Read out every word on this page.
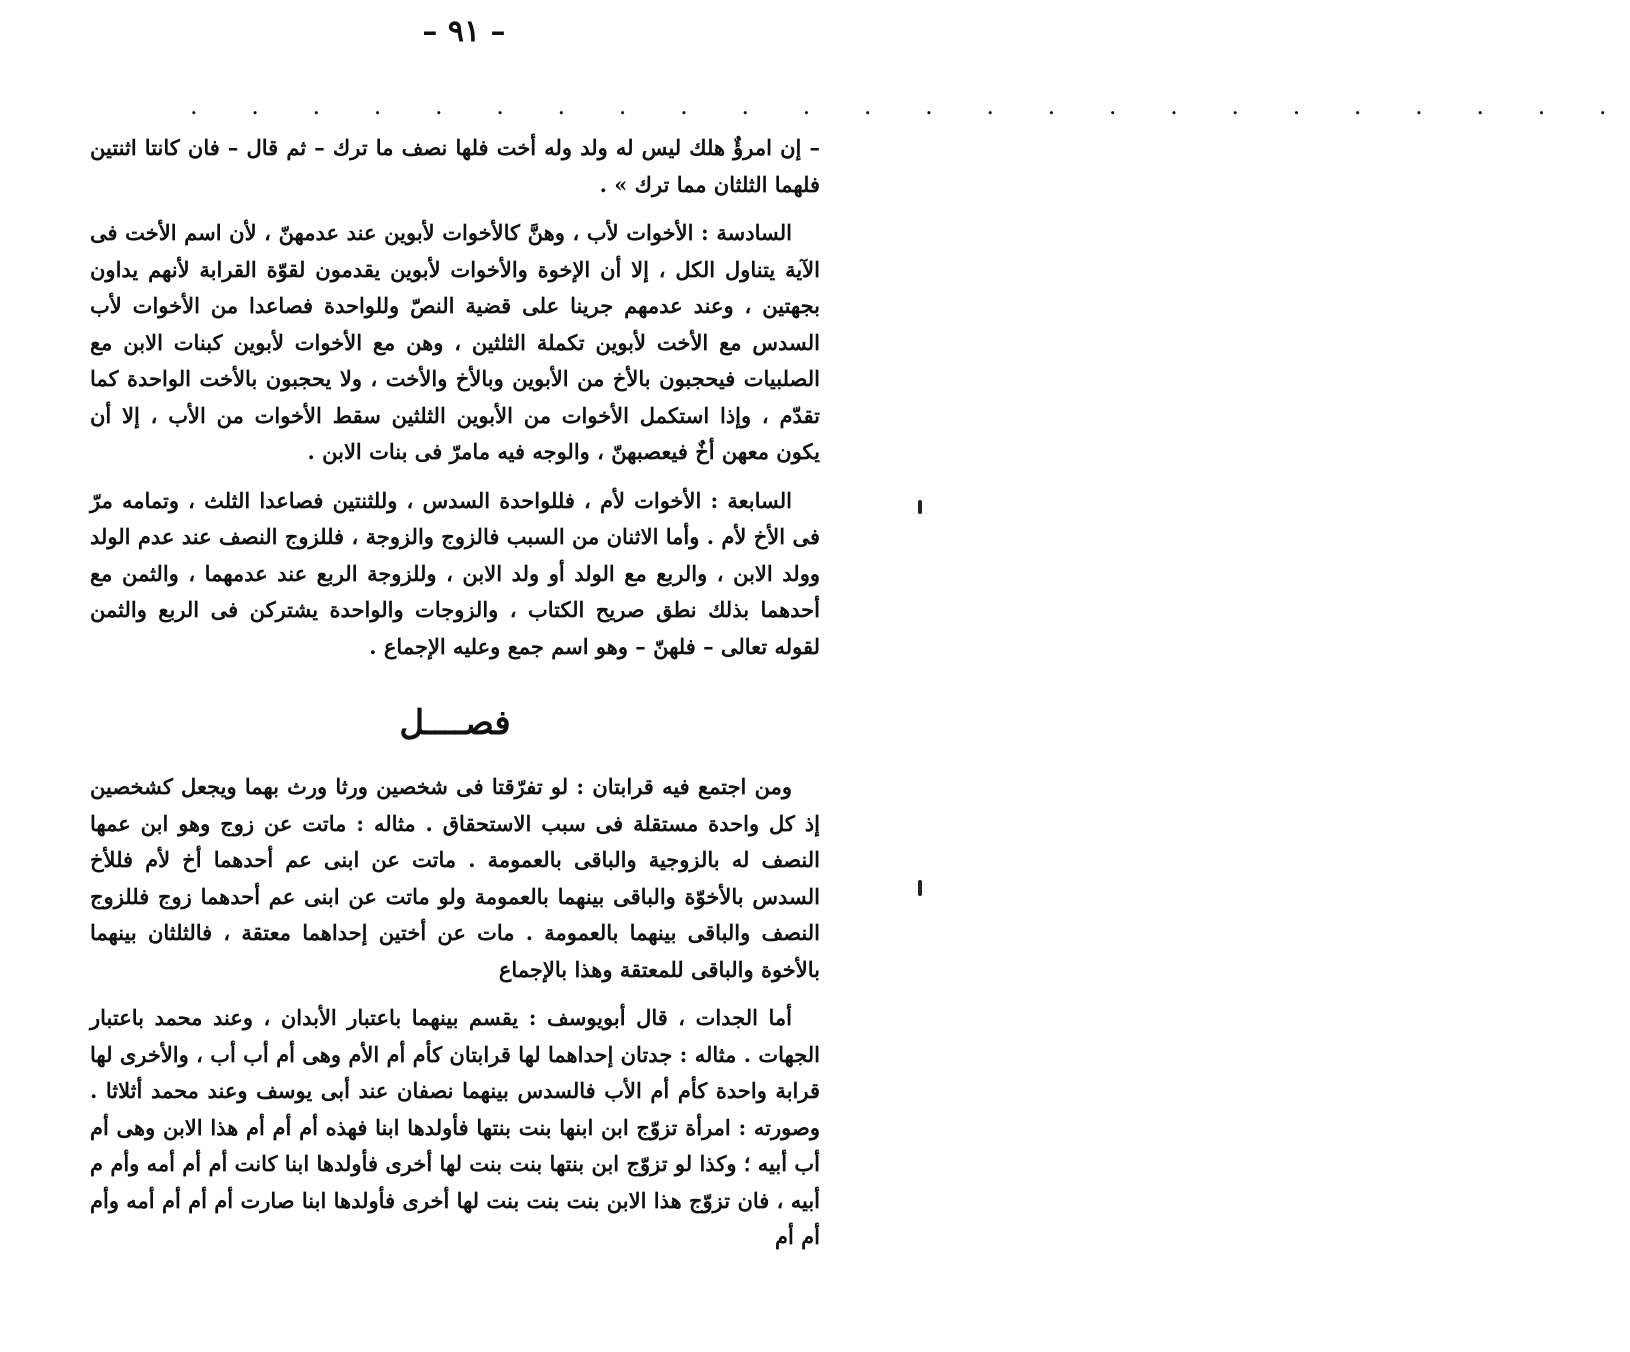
– ٩١ –
. . . . . . . . . . . . . . . . . . . . . . . .

– إن امرؤٌ هلك ليس له ولد وله أخت فلها نصف ما ترك – ثم قال – فان كانتا اثنتين فلهما الثلثان مما ترك » .

السادسة : الأخوات لأب ، وهنَّ كالأخوات لأبوين عند عدمهنّ ، لأن اسم الأخت فى الآية يتناول الكل ، إلا أن الإخوة والأخوات لأبوين يقدمون لقوّة القرابة لأنهم يداون بجهتين ، وعند عدمهم جرينا على قضية النصّ وللواحدة فصاعدا من الأخوات لأب السدس مع الأخت لأبوين تكملة الثلثين ، وهن مع الأخوات لأبوين كبنات الابن مع الصلبيات فيحجبون بالأخ من الأبوين وبالأخ والأخت ، ولا يحجبون بالأخت الواحدة كما تقدّم ، وإذا استكمل الأخوات من الأبوين الثلثين سقط الأخوات من الأب ، إلا أن يكون معهن أخٌ فيعصبهنّ ، والوجه فيه مامرّ فى بنات الابن .

السابعة : الأخوات لأم ، فللواحدة السدس ، وللثنتين فصاعدا الثلث ، وتمامه مرّ فى الأخ لأم . وأما الاثنان من السبب فالزوج والزوجة ، فللزوج النصف عند عدم الولد وولد الابن ، والربع مع الولد أو ولد الابن ، وللزوجة الربع عند عدمهما ، والثمن مع أحدهما بذلك نطق صريح الكتاب ، والزوجات والواحدة يشتركن فى الربع والثمن لقوله تعالى – فلهنّ – وهو اسم جمع وعليه الإجماع .

فصــــل

ومن اجتمع فيه قرابتان : لو تفرّقتا فى شخصين ورثا ورث بهما ويجعل كشخصين إذ كل واحدة مستقلة فى سبب الاستحقاق . مثاله : ماتت عن زوج وهو ابن عمها النصف له بالزوجية والباقى بالعمومة . ماتت عن ابنى عم أحدهما أخ لأم فللأخ السدس بالأخوّة والباقى بينهما بالعمومة ولو ماتت عن ابنى عم أحدهما زوج فللزوج النصف والباقى بينهما بالعمومة . مات عن أختين إحداهما معتقة ، فالثلثان بينهما بالأخوة والباقى للمعتقة وهذا بالإجماع

أما الجدات ، قال أبويوسف : يقسم بينهما باعتبار الأبدان ، وعند محمد باعتبار الجهات . مثاله : جدتان إحداهما لها قرابتان كأم أم الأم وهى أم أب أب ، والأخرى لها قرابة واحدة كأم أم الأب فالسدس بينهما نصفان عند أبى يوسف وعند محمد أثلاثا . وصورته : امرأة تزوّج ابن ابنها بنت بنتها فأولدها ابنا فهذه أم أم أم هذا الابن وهى أم أب أبيه ؛ وكذا لو تزوّج ابن بنتها بنت بنت لها أخرى فأولدها ابنا كانت أم أم أمه وأم م أبيه ، فان تزوّج هذا الابن بنت بنت بنت لها أخرى فأولدها ابنا صارت أم أم أم أمه وأم أم أم
